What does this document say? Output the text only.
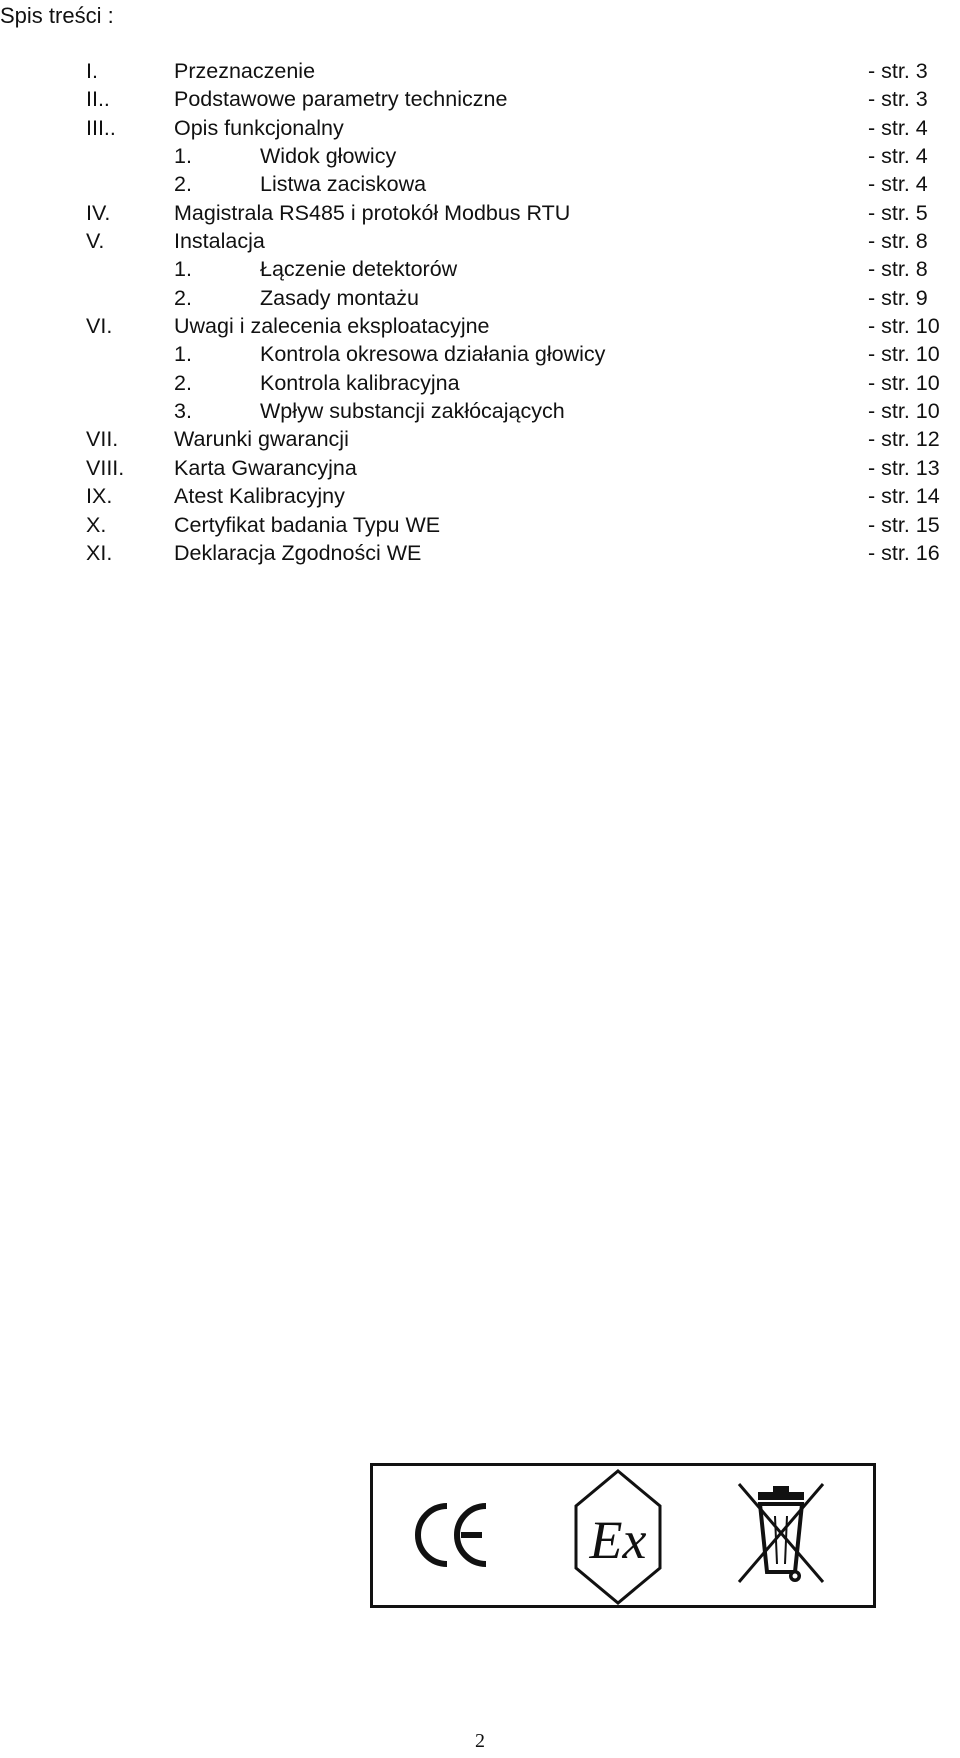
Spis treści :
I.	Przeznaczenie	- str. 3
II..	Podstawowe parametry techniczne	- str. 3
III..	Opis funkcjonalny	- str. 4
1.	Widok głowicy	- str. 4
2.	Listwa zaciskowa	- str. 4
IV.	Magistrala RS485 i protokół Modbus RTU	- str. 5
V.	Instalacja	- str. 8
1.	Łączenie detektorów	- str. 8
2.	Zasady montażu	- str. 9
VI.	Uwagi i zalecenia eksploatacyjne	- str. 10
1.	Kontrola okresowa działania głowicy	- str. 10
2.	Kontrola kalibracyjna	- str. 10
3.	Wpływ substancji zakłócających	- str. 10
VII.	Warunki gwarancji	- str. 12
VIII. Karta Gwarancyjna	- str. 13
IX.	Atest Kalibracyjny	- str. 14
X.	Certyfikat badania Typu WE	- str. 15
XI.	Deklaracja Zgodności WE	- str. 16
Ex
2
